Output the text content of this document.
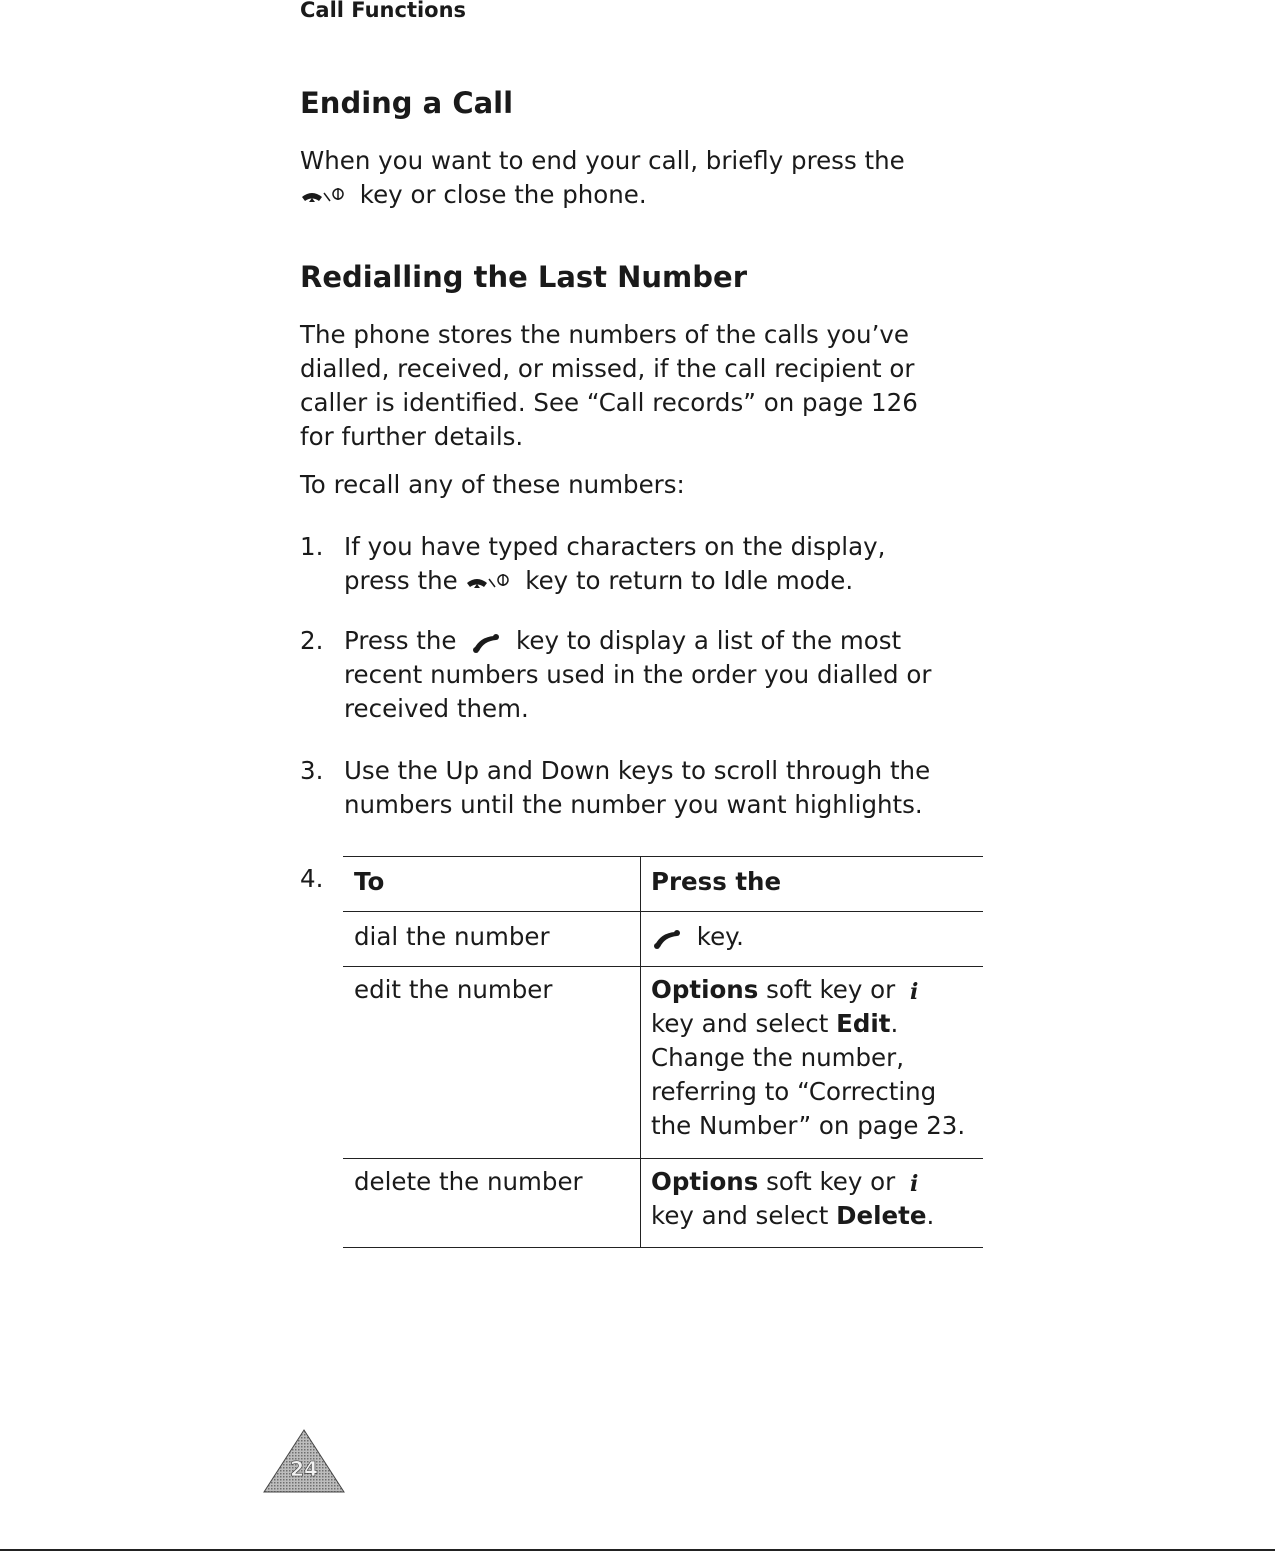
Call Functions
Ending a Call

When you want to end your call, briefly press the

key or close the phone.

Redialling the Last Number

The phone stores the numbers of the calls you’ve

dialled, received, or missed, if the call recipient or

caller is identified. See “Call records” on page 126

for further details.

To recall any of these numbers:

1. If you have typed characters on the display,
press the  key to return to Idle mode.
2. Press the  key to display a list of the most
recent numbers used in the order you dialled or
received them.
3. Use the Up and Down keys to scroll through the
numbers until the number you want highlights.
4. To	Press the
dial the number	key.
edit the number	Options soft key or i
key and select Edit.
Change the number,
referring to “Correcting
the Number” on page 23.
delete the number	Options soft key or i
key and select Delete.
24
